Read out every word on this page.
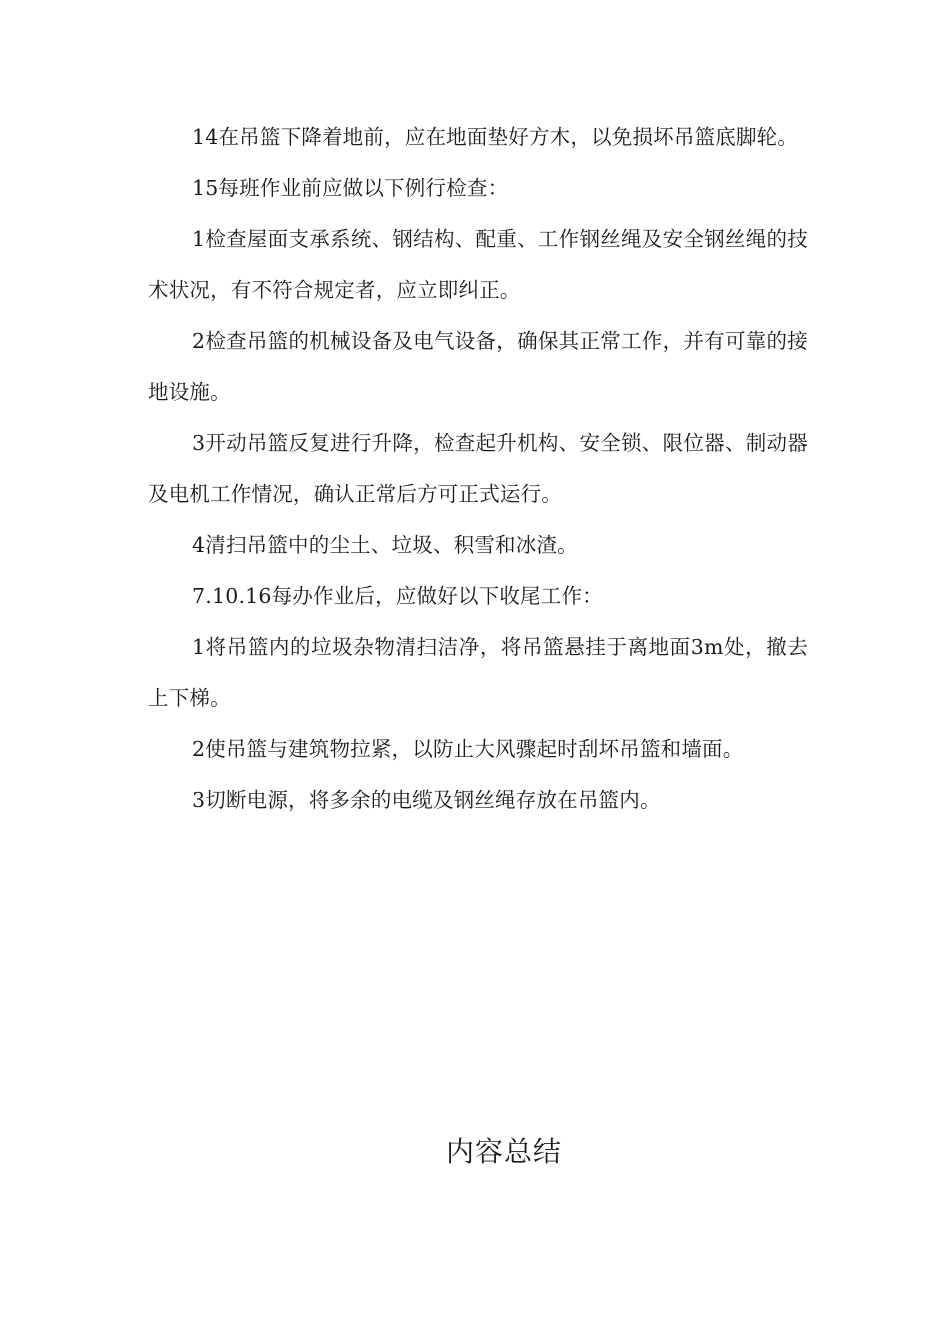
14在吊篮下降着地前，应在地面垫好方木，以免损坏吊篮底脚轮。

15每班作业前应做以下例行检查：

1检查屋面支承系统、钢结构、配重、工作钢丝绳及安全钢丝绳的技术状况，有不符合规定者，应立即纠正。

2检查吊篮的机械设备及电气设备，确保其正常工作，并有可靠的接地设施。

3开动吊篮反复进行升降，检查起升机构、安全锁、限位器、制动器及电机工作情况，确认正常后方可正式运行。

4清扫吊篮中的尘土、垃圾、积雪和冰渣。

7.10.16每办作业后，应做好以下收尾工作：

1将吊篮内的垃圾杂物清扫洁净，将吊篮悬挂于离地面3m处，撤去上下梯。

2使吊篮与建筑物拉紧，以防止大风骤起时刮坏吊篮和墙面。

3切断电源，将多余的电缆及钢丝绳存放在吊篮内。

内容总结
